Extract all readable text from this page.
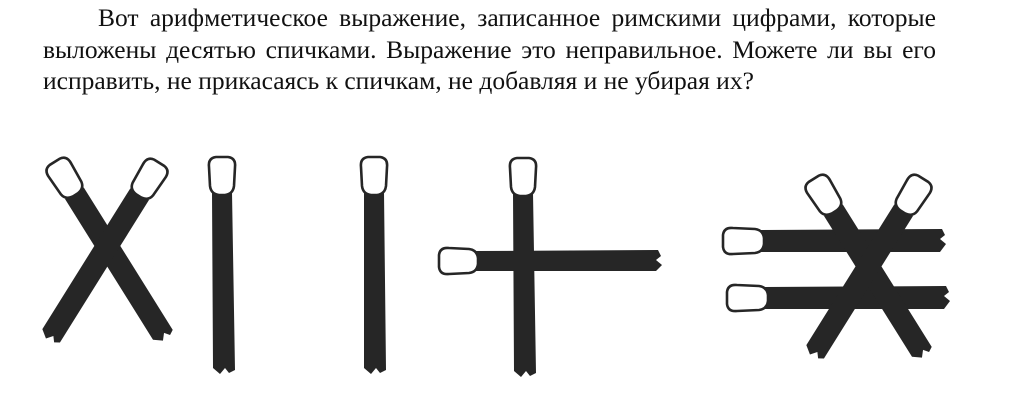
Вот арифметическое выражение, записанное римскими цифрами, которые выложены десятью спичками. Выражение это неправильное. Можете ли вы его исправить, не прикасаясь к спичкам, не добавляя и не убирая их?
